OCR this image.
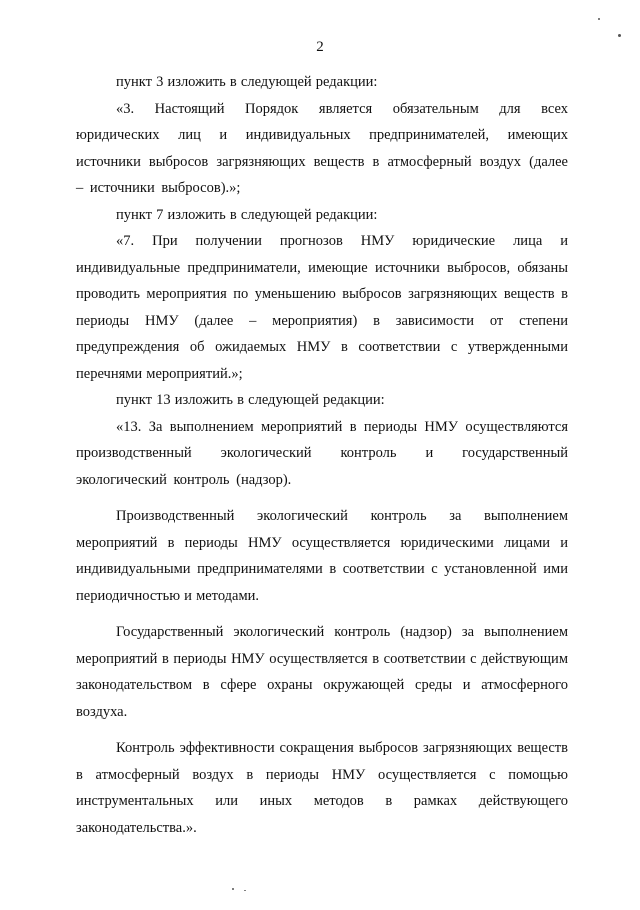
2

пункт 3 изложить в следующей редакции:

«3. Настоящий Порядок является обязательным для всех юридических лиц и индивидуальных предпринимателей, имеющих источники выбросов загрязняющих веществ в атмосферный воздух (далее – источники выбросов).»;

пункт 7 изложить в следующей редакции:

«7. При получении прогнозов НМУ юридические лица и индивидуальные предприниматели, имеющие источники выбросов, обязаны проводить мероприятия по уменьшению выбросов загрязняющих веществ в периоды НМУ (далее – мероприятия) в зависимости от степени предупреждения об ожидаемых НМУ в соответствии с утвержденными перечнями мероприятий.»;

пункт 13 изложить в следующей редакции:

«13. За выполнением мероприятий в периоды НМУ осуществляются производственный экологический контроль и государственный экологический контроль (надзор).

Производственный экологический контроль за выполнением мероприятий в периоды НМУ осуществляется юридическими лицами и индивидуальными предпринимателями в соответствии с установленной ими периодичностью и методами.

Государственный экологический контроль (надзор) за выполнением мероприятий в периоды НМУ осуществляется в соответствии с действующим законодательством в сфере охраны окружающей среды и атмосферного воздуха.

Контроль эффективности сокращения выбросов загрязняющих веществ в атмосферный воздух в периоды НМУ осуществляется с помощью инструментальных или иных методов в рамках действующего законодательства.».
